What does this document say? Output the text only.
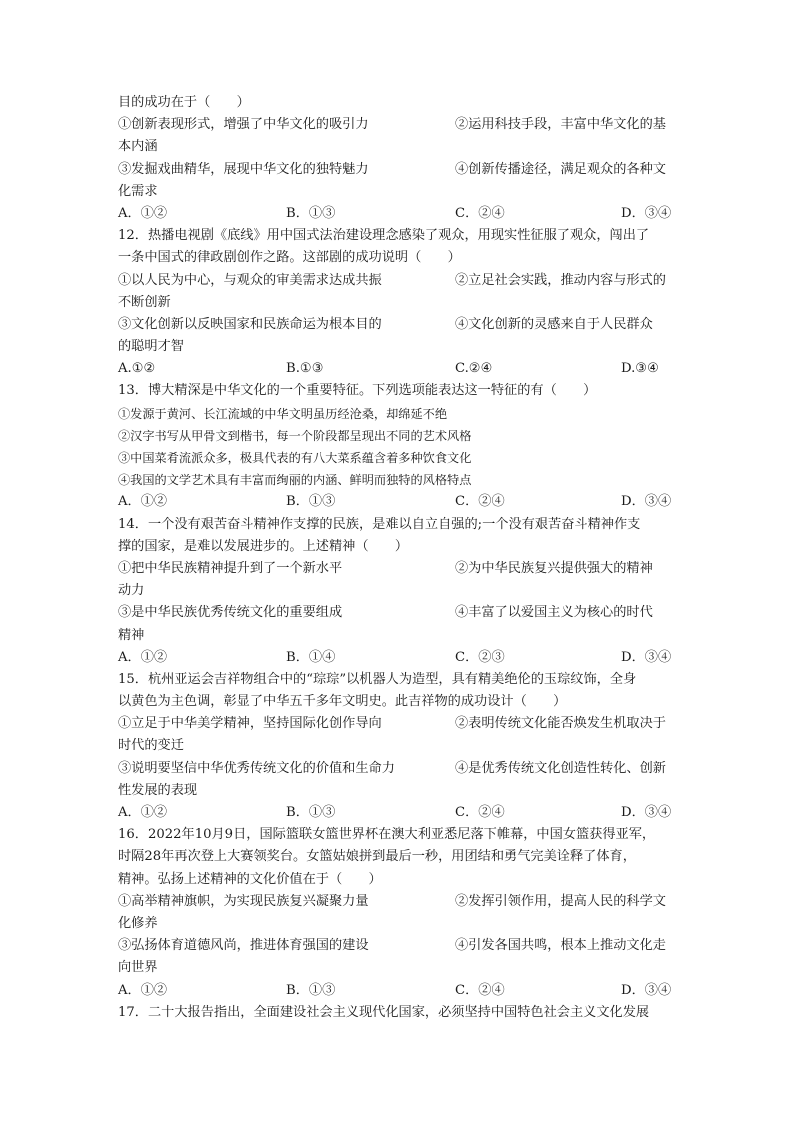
目的成功在于（　　）
①创新表现形式，增强了中华文化的吸引力	②运用科技手段，丰富中华文化的基
本内涵
③发掘戏曲精华，展现中华文化的独特魅力	④创新传播途径，满足观众的各种文
化需求
A．①②	B．①③	C．②④	D．③④
12．热播电视剧《底线》用中国式法治建设理念感染了观众，用现实性征服了观众，闯出了
一条中国式的律政剧创作之路。这部剧的成功说明（　　）
①以人民为中心，与观众的审美需求达成共振	②立足社会实践，推动内容与形式的
不断创新
③文化创新以反映国家和民族命运为根本目的	④文化创新的灵感来自于人民群众
的聪明才智
A.①②	B.①③	C.②④	D.③④
13．博大精深是中华文化的一个重要特征。下列选项能表达这一特征的有（　　）
①发源于黄河、长江流域的中华文明虽历经沧桑，却绵延不绝
②汉字书写从甲骨文到楷书，每一个阶段都呈现出不同的艺术风格
③中国菜肴流派众多，极具代表的有八大菜系蕴含着多种饮食文化
④我国的文学艺术具有丰富而绚丽的内涵、鲜明而独特的风格特点
A．①②	B．①③	C．②④	D．③④
14．一个没有艰苦奋斗精神作支撑的民族，是难以自立自强的;一个没有艰苦奋斗精神作支
撑的国家，是难以发展进步的。上述精神（　　）
①把中华民族精神提升到了一个新水平	②为中华民族复兴提供强大的精神
动力
③是中华民族优秀传统文化的重要组成	④丰富了以爱国主义为核心的时代
精神
A．①②	B．①④	C．②③	D．③④
15．杭州亚运会吉祥物组合中的“琮琮”以机器人为造型，具有精美绝伦的玉琮纹饰，全身
以黄色为主色调，彰显了中华五千多年文明史。此吉祥物的成功设计（　　）
①立足于中华美学精神，坚持国际化创作导向	②表明传统文化能否焕发生机取决于
时代的变迁
③说明要坚信中华优秀传统文化的价值和生命力	④是优秀传统文化创造性转化、创新
性发展的表现
A．①②	B．①③	C．②④	D．③④
16．2022年10月9日，国际篮联女篮世界杯在澳大利亚悉尼落下帷幕，中国女篮获得亚军，
时隔28年再次登上大赛领奖台。女篮姑娘拼到最后一秒，用团结和勇气完美诠释了体育，
精神。弘扬上述精神的文化价值在于（　　）
①高举精神旗帜，为实现民族复兴凝聚力量	②发挥引领作用，提高人民的科学文
化修养
③弘扬体育道德风尚，推进体育强国的建设	④引发各国共鸣，根本上推动文化走
向世界
A．①②	B．①③	C．②④	D．③④
17．二十大报告指出，全面建设社会主义现代化国家，必须坚持中国特色社会主义文化发展
